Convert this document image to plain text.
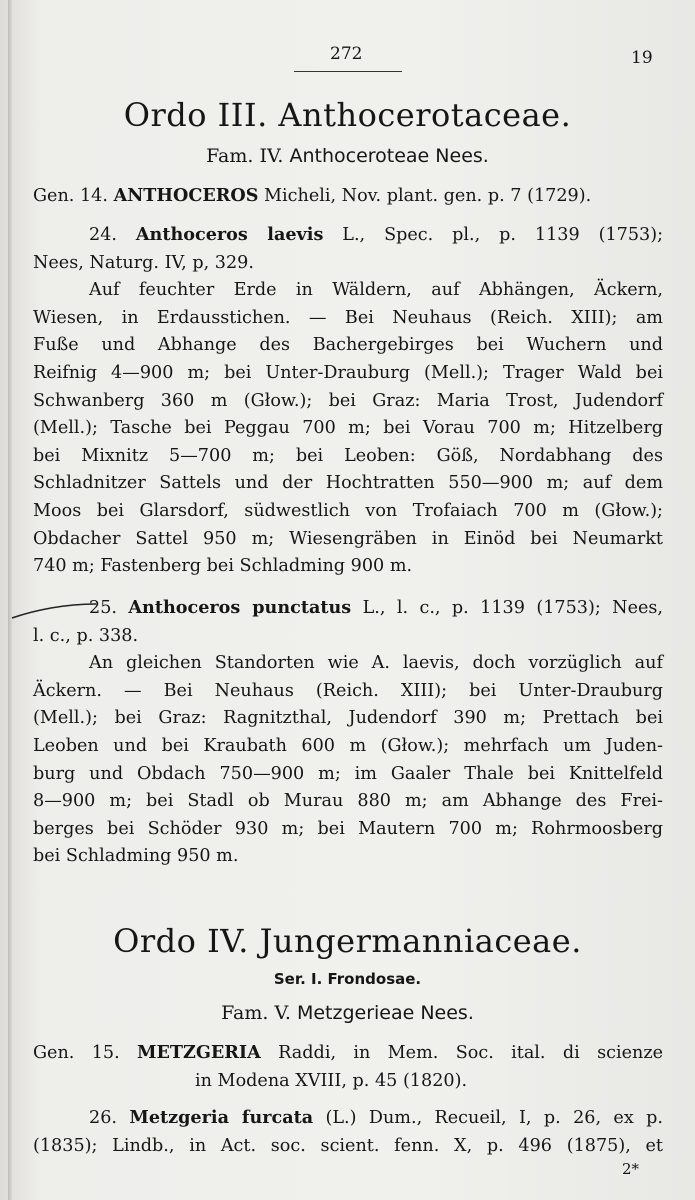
272	19
Ordo III. Anthocerotaceae.
Fam. IV. Anthoceroteae Nees.
Gen. 14. ANTHOCEROS Micheli, Nov. plant. gen. p. 7 (1729).
24. Anthoceros laevis L., Spec. pl., p. 1139 (1753);
Nees, Naturg. IV, p, 329.
Auf feuchter Erde in Wäldern, auf Abhängen, Äckern,
Wiesen, in Erdausstichen. — Bei Neuhaus (Reich. XIII); am
Fuße und Abhange des Bachergebirges bei Wuchern und
Reifnig 4—900 m; bei Unter-Drauburg (Mell.); Trager Wald bei
Schwanberg 360 m (Głow.); bei Graz: Maria Trost, Judendorf
(Mell.); Tasche bei Peggau 700 m; bei Vorau 700 m; Hitzelberg
bei Mixnitz 5—700 m; bei Leoben: Göß, Nordabhang des
Schladnitzer Sattels und der Hochtratten 550—900 m; auf dem
Moos bei Glarsdorf, südwestlich von Trofaiach 700 m (Głow.);
Obdacher Sattel 950 m; Wiesengräben in Einöd bei Neumarkt
740 m; Fastenberg bei Schladming 900 m.
25. Anthoceros punctatus L., l. c., p. 1139 (1753); Nees,
l. c., p. 338.
An gleichen Standorten wie A. laevis, doch vorzüglich auf
Äckern. — Bei Neuhaus (Reich. XIII); bei Unter-Drauburg
(Mell.); bei Graz: Ragnitzthal, Judendorf 390 m; Prettach bei
Leoben und bei Kraubath 600 m (Głow.); mehrfach um Juden-
burg und Obdach 750—900 m; im Gaaler Thale bei Knittelfeld
8—900 m; bei Stadl ob Murau 880 m; am Abhange des Frei-
berges bei Schöder 930 m; bei Mautern 700 m; Rohrmoosberg
bei Schladming 950 m.
Ordo IV. Jungermanniaceae.
Ser. I. Frondosae.
Fam. V. Metzgerieae Nees.
Gen. 15. METZGERIA Raddi, in Mem. Soc. ital. di scienze
in Modena XVIII, p. 45 (1820).
26. Metzgeria furcata (L.) Dum., Recueil, I, p. 26, ex p.
(1835); Lindb., in Act. soc. scient. fenn. X, p. 496 (1875), et
2*
